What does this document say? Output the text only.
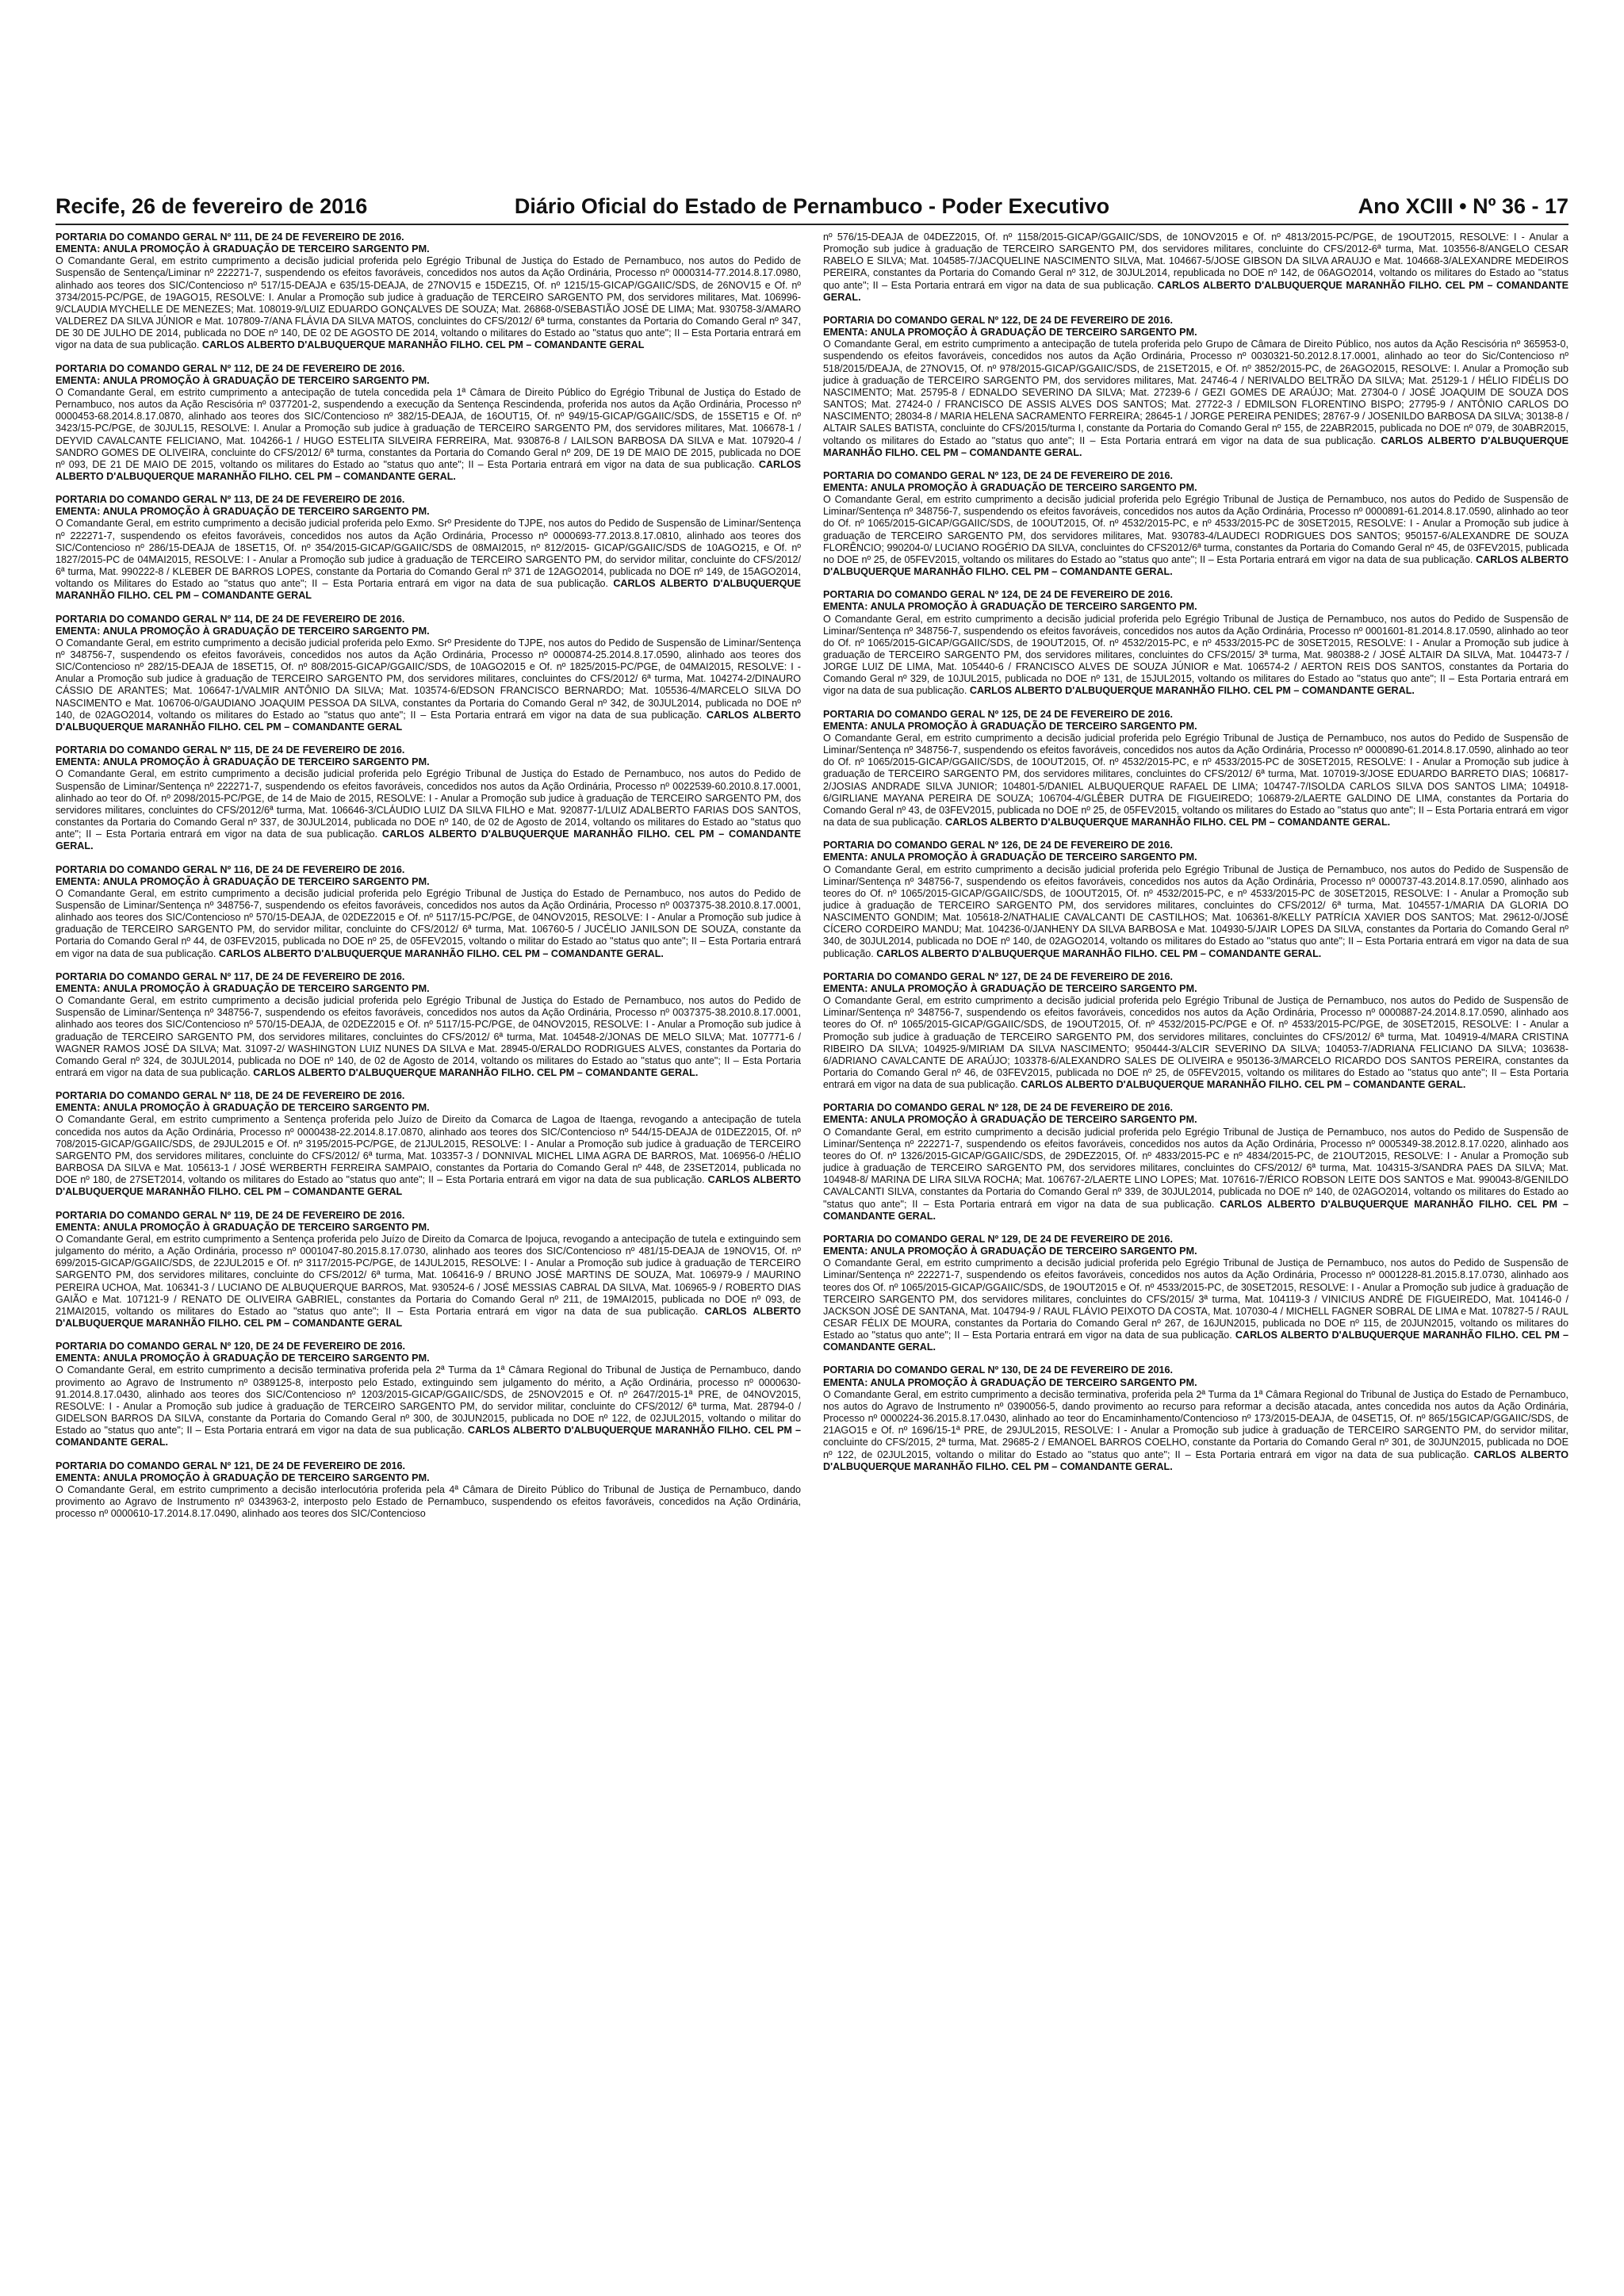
Recife, 26 de fevereiro de 2016	Diário Oficial do Estado de Pernambuco - Poder Executivo	Ano XCIII • Nº 36 - 17

PORTARIA DO COMANDO GERAL Nº 111, DE 24 DE FEVEREIRO DE 2016.

EMENTA: ANULA PROMOÇÃO À GRADUAÇÃO DE TERCEIRO SARGENTO PM.

O Comandante Geral, em estrito cumprimento a decisão judicial proferida pelo Egrégio Tribunal de Justiça do Estado de Pernambuco, nos autos do Pedido de Suspensão de Sentença/Liminar nº 222271-7, suspendendo os efeitos favoráveis, concedidos nos autos da Ação Ordinária, Processo nº 0000314-77.2014.8.17.0980, alinhado aos teores dos SIC/Contencioso nº 517/15-DEAJA e 635/15-DEAJA, de 27NOV15 e 15DEZ15, Of. nº 1215/15-GICAP/GGAIIC/SDS, de 26NOV15 e Of. nº 3734/2015-PC/PGE, de 19AGO15, RESOLVE: I. Anular a Promoção sub judice à graduação de TERCEIRO SARGENTO PM, dos servidores militares, Mat. 106996-9/CLAUDIA MYCHELLE DE MENEZES; Mat. 108019-9/LUIZ EDUARDO GONÇALVES DE SOUZA; Mat. 26868-0/SEBASTIÃO JOSÉ DE LIMA; Mat. 930758-3/AMARO VALDEREZ DA SILVA JÚNIOR e Mat. 107809-7/ANA FLÁVIA DA SILVA MATOS, concluintes do CFS/2012/ 6ª turma, constantes da Portaria do Comando Geral nº 347, DE 30 DE JULHO DE 2014, publicada no DOE nº 140, DE 02 DE AGOSTO DE 2014, voltando o militares do Estado ao "status quo ante"; II – Esta Portaria entrará em vigor na data de sua publicação. CARLOS ALBERTO D'ALBUQUERQUE MARANHÃO FILHO. CEL PM – COMANDANTE GERAL

PORTARIA DO COMANDO GERAL Nº 112, DE 24 DE FEVEREIRO DE 2016.

EMENTA: ANULA PROMOÇÃO À GRADUAÇÃO DE TERCEIRO SARGENTO PM.

O Comandante Geral, em estrito cumprimento a antecipação de tutela concedida pela 1ª Câmara de Direito Público do Egrégio Tribunal de Justiça do Estado de Pernambuco, nos autos da Ação Rescisória nº 0377201-2, suspendendo a execução da Sentença Rescindenda, proferida nos autos da Ação Ordinária, Processo nº 0000453-68.2014.8.17.0870, alinhado aos teores dos SIC/Contencioso nº 382/15-DEAJA, de 16OUT15, Of. nº 949/15-GICAP/GGAIIC/SDS, de 15SET15 e Of. nº 3423/15-PC/PGE, de 30JUL15, RESOLVE: I. Anular a Promoção sub judice à graduação de TERCEIRO SARGENTO PM, dos servidores militares, Mat. 106678-1 / DEYVID CAVALCANTE FELICIANO, Mat. 104266-1 / HUGO ESTELITA SILVEIRA FERREIRA, Mat. 930876-8 / LAILSON BARBOSA DA SILVA e Mat. 107920-4 / SANDRO GOMES DE OLIVEIRA, concluinte do CFS/2012/ 6ª turma, constantes da Portaria do Comando Geral nº 209, DE 19 DE MAIO DE 2015, publicada no DOE nº 093, DE 21 DE MAIO DE 2015, voltando os militares do Estado ao "status quo ante"; II – Esta Portaria entrará em vigor na data de sua publicação. CARLOS ALBERTO D'ALBUQUERQUE MARANHÃO FILHO. CEL PM – COMANDANTE GERAL.

PORTARIA DO COMANDO GERAL Nº 113, DE 24 DE FEVEREIRO DE 2016.

EMENTA: ANULA PROMOÇÃO À GRADUAÇÃO DE TERCEIRO SARGENTO PM.

O Comandante Geral, em estrito cumprimento a decisão judicial proferida pelo Exmo. Srº Presidente do TJPE, nos autos do Pedido de Suspensão de Liminar/Sentença nº 222271-7, suspendendo os efeitos favoráveis, concedidos nos autos da Ação Ordinária, Processo nº 0000693-77.2013.8.17.0810, alinhado aos teores dos SIC/Contencioso nº 286/15-DEAJA de 18SET15, Of. nº 354/2015-GICAP/GGAIIC/SDS de 08MAI2015, nº 812/2015- GICAP/GGAIIC/SDS de 10AGO215, e Of. nº 1827/2015-PC de 04MAI2015, RESOLVE: I - Anular a Promoção sub judice à graduação de TERCEIRO SARGENTO PM, do servidor militar, concluinte do CFS/2012/ 6ª turma, Mat. 990222-8 / KLEBER DE BARROS LOPES, constante da Portaria do Comando Geral nº 371 de 12AGO2014, publicada no DOE nº 149, de 15AGO2014, voltando os Militares do Estado ao "status quo ante"; II – Esta Portaria entrará em vigor na data de sua publicação. CARLOS ALBERTO D'ALBUQUERQUE MARANHÃO FILHO. CEL PM – COMANDANTE GERAL

PORTARIA DO COMANDO GERAL Nº 114, DE 24 DE FEVEREIRO DE 2016.

EMENTA: ANULA PROMOÇÃO À GRADUAÇÃO DE TERCEIRO SARGENTO PM.

O Comandante Geral, em estrito cumprimento a decisão judicial proferida pelo Exmo. Srº Presidente do TJPE, nos autos do Pedido de Suspensão de Liminar/Sentença nº 348756-7, suspendendo os efeitos favoráveis, concedidos nos autos da Ação Ordinária, Processo nº 0000874-25.2014.8.17.0590, alinhado aos teores dos SIC/Contencioso nº 282/15-DEAJA de 18SET15, Of. nº 808/2015-GICAP/GGAIIC/SDS, de 10AGO2015 e Of. nº 1825/2015-PC/PGE, de 04MAI2015, RESOLVE: I - Anular a Promoção sub judice à graduação de TERCEIRO SARGENTO PM, dos servidores militares, concluintes do CFS/2012/ 6ª turma, Mat. 104274-2/DINAURO CÁSSIO DE ARANTES; Mat. 106647-1/VALMIR ANTÔNIO DA SILVA; Mat. 103574-6/EDSON FRANCISCO BERNARDO; Mat. 105536-4/MARCELO SILVA DO NASCIMENTO e Mat. 106706-0/GAUDIANO JOAQUIM PESSOA DA SILVA, constantes da Portaria do Comando Geral nº 342, de 30JUL2014, publicada no DOE nº 140, de 02AGO2014, voltando os militares do Estado ao "status quo ante"; II – Esta Portaria entrará em vigor na data de sua publicação. CARLOS ALBERTO D'ALBUQUERQUE MARANHÃO FILHO. CEL PM – COMANDANTE GERAL

PORTARIA DO COMANDO GERAL Nº 115, DE 24 DE FEVEREIRO DE 2016.

EMENTA: ANULA PROMOÇÃO À GRADUAÇÃO DE TERCEIRO SARGENTO PM.

O Comandante Geral, em estrito cumprimento a decisão judicial proferida pelo Egrégio Tribunal de Justiça do Estado de Pernambuco, nos autos do Pedido de Suspensão de Liminar/Sentença nº 222271-7, suspendendo os efeitos favoráveis, concedidos nos autos da Ação Ordinária, Processo nº 0022539-60.2010.8.17.0001, alinhado ao teor do Of. nº 2098/2015-PC/PGE, de 14 de Maio de 2015, RESOLVE: I - Anular a Promoção sub judice à graduação de TERCEIRO SARGENTO PM, dos servidores militares, concluintes do CFS/2012/6ª turma, Mat. 106646-3/CLÁUDIO LUIZ DA SILVA FILHO e Mat. 920877-1/LUIZ ADALBERTO FARIAS DOS SANTOS, constantes da Portaria do Comando Geral nº 337, de 30JUL2014, publicada no DOE nº 140, de 02 de Agosto de 2014, voltando os militares do Estado ao "status quo ante"; II – Esta Portaria entrará em vigor na data de sua publicação. CARLOS ALBERTO D'ALBUQUERQUE MARANHÃO FILHO. CEL PM – COMANDANTE GERAL.

PORTARIA DO COMANDO GERAL Nº 116, DE 24 DE FEVEREIRO DE 2016.

EMENTA: ANULA PROMOÇÃO À GRADUAÇÃO DE TERCEIRO SARGENTO PM.

O Comandante Geral, em estrito cumprimento a decisão judicial proferida pelo Egrégio Tribunal de Justiça do Estado de Pernambuco, nos autos do Pedido de Suspensão de Liminar/Sentença nº 348756-7, suspendendo os efeitos favoráveis, concedidos nos autos da Ação Ordinária, Processo nº 0037375-38.2010.8.17.0001, alinhado aos teores dos SIC/Contencioso nº 570/15-DEAJA, de 02DEZ2015 e Of. nº 5117/15-PC/PGE, de 04NOV2015, RESOLVE: I - Anular a Promoção sub judice à graduação de TERCEIRO SARGENTO PM, do servidor militar, concluinte do CFS/2012/ 6ª turma, Mat. 106760-5 / JUCÉLIO JANILSON DE SOUZA, constante da Portaria do Comando Geral nº 44, de 03FEV2015, publicada no DOE nº 25, de 05FEV2015, voltando o militar do Estado ao "status quo ante"; II – Esta Portaria entrará em vigor na data de sua publicação. CARLOS ALBERTO D'ALBUQUERQUE MARANHÃO FILHO. CEL PM – COMANDANTE GERAL.

PORTARIA DO COMANDO GERAL Nº 117, DE 24 DE FEVEREIRO DE 2016.

EMENTA: ANULA PROMOÇÃO À GRADUAÇÃO DE TERCEIRO SARGENTO PM.

O Comandante Geral, em estrito cumprimento a decisão judicial proferida pelo Egrégio Tribunal de Justiça do Estado de Pernambuco, nos autos do Pedido de Suspensão de Liminar/Sentença nº 348756-7, suspendendo os efeitos favoráveis, concedidos nos autos da Ação Ordinária, Processo nº 0037375-38.2010.8.17.0001, alinhado aos teores dos SIC/Contencioso nº 570/15-DEAJA, de 02DEZ2015 e Of. nº 5117/15-PC/PGE, de 04NOV2015, RESOLVE: I - Anular a Promoção sub judice à graduação de TERCEIRO SARGENTO PM, dos servidores militares, concluintes do CFS/2012/ 6ª turma, Mat. 104548-2/JONAS DE MELO SILVA; Mat. 107771-6 / WAGNER RAMOS JOSÉ DA SILVA; Mat. 31097-2/ WASHINGTON LUIZ NUNES DA SILVA e Mat. 28945-0/ERALDO RODRIGUES ALVES, constantes da Portaria do Comando Geral nº 324, de 30JUL2014, publicada no DOE nº 140, de 02 de Agosto de 2014, voltando os militares do Estado ao "status quo ante"; II – Esta Portaria entrará em vigor na data de sua publicação. CARLOS ALBERTO D'ALBUQUERQUE MARANHÃO FILHO. CEL PM – COMANDANTE GERAL.

PORTARIA DO COMANDO GERAL Nº 118, DE 24 DE FEVEREIRO DE 2016.

EMENTA: ANULA PROMOÇÃO À GRADUAÇÃO DE TERCEIRO SARGENTO PM.

O Comandante Geral, em estrito cumprimento a Sentença proferida pelo Juízo de Direito da Comarca de Lagoa de Itaenga, revogando a antecipação de tutela concedida nos autos da Ação Ordinária, Processo nº 0000438-22.2014.8.17.0870, alinhado aos teores dos SIC/Contencioso nº 544/15-DEAJA de 01DEZ2015, Of. nº 708/2015-GICAP/GGAIIC/SDS, de 29JUL2015 e Of. nº 3195/2015-PC/PGE, de 21JUL2015, RESOLVE: I - Anular a Promoção sub judice à graduação de TERCEIRO SARGENTO PM, dos servidores militares, concluinte do CFS/2012/ 6ª turma, Mat. 103357-3 / DONNIVAL MICHEL LIMA AGRA DE BARROS, Mat. 106956-0 /HÉLIO BARBOSA DA SILVA e Mat. 105613-1 / JOSÉ WERBERTH FERREIRA SAMPAIO, constantes da Portaria do Comando Geral nº 448, de 23SET2014, publicada no DOE nº 180, de 27SET2014, voltando os militares do Estado ao "status quo ante"; II – Esta Portaria entrará em vigor na data de sua publicação. CARLOS ALBERTO D'ALBUQUERQUE MARANHÃO FILHO. CEL PM – COMANDANTE GERAL

PORTARIA DO COMANDO GERAL Nº 119, DE 24 DE FEVEREIRO DE 2016.

EMENTA: ANULA PROMOÇÃO À GRADUAÇÃO DE TERCEIRO SARGENTO PM.

O Comandante Geral, em estrito cumprimento a Sentença proferida pelo Juízo de Direito da Comarca de Ipojuca, revogando a antecipação de tutela e extinguindo sem julgamento do mérito, a Ação Ordinária, processo nº 0001047-80.2015.8.17.0730, alinhado aos teores dos SIC/Contencioso nº 481/15-DEAJA de 19NOV15, Of. nº 699/2015-GICAP/GGAIIC/SDS, de 22JUL2015 e Of. nº 3117/2015-PC/PGE, de 14JUL2015, RESOLVE: I - Anular a Promoção sub judice à graduação de TERCEIRO SARGENTO PM, dos servidores militares, concluinte do CFS/2012/ 6ª turma, Mat. 106416-9 / BRUNO JOSÉ MARTINS DE SOUZA, Mat. 106979-9 / MAURINO PEREIRA UCHOA, Mat. 106341-3 / LUCIANO DE ALBUQUERQUE BARROS, Mat. 930524-6 / JOSÉ MESSIAS CABRAL DA SILVA, Mat. 106965-9 / ROBERTO DIAS GAIÃO e Mat. 107121-9 / RENATO DE OLIVEIRA GABRIEL, constantes da Portaria do Comando Geral nº 211, de 19MAI2015, publicada no DOE nº 093, de 21MAI2015, voltando os militares do Estado ao "status quo ante"; II – Esta Portaria entrará em vigor na data de sua publicação. CARLOS ALBERTO D'ALBUQUERQUE MARANHÃO FILHO. CEL PM – COMANDANTE GERAL

PORTARIA DO COMANDO GERAL Nº 120, DE 24 DE FEVEREIRO DE 2016.

EMENTA: ANULA PROMOÇÃO À GRADUAÇÃO DE TERCEIRO SARGENTO PM.

O Comandante Geral, em estrito cumprimento a decisão terminativa proferida pela 2ª Turma da 1ª Câmara Regional do Tribunal de Justiça de Pernambuco, dando provimento ao Agravo de Instrumento nº 0389125-8, interposto pelo Estado, extinguindo sem julgamento do mérito, a Ação Ordinária, processo nº 0000630-91.2014.8.17.0430, alinhado aos teores dos SIC/Contencioso nº 1203/2015-GICAP/GGAIIC/SDS, de 25NOV2015 e Of. nº 2647/2015-1ª PRE, de 04NOV2015, RESOLVE: I - Anular a Promoção sub judice à graduação de TERCEIRO SARGENTO PM, do servidor militar, concluinte do CFS/2012/ 6ª turma, Mat. 28794-0 / GIDELSON BARROS DA SILVA, constante da Portaria do Comando Geral nº 300, de 30JUN2015, publicada no DOE nº 122, de 02JUL2015, voltando o militar do Estado ao "status quo ante"; II – Esta Portaria entrará em vigor na data de sua publicação. CARLOS ALBERTO D'ALBUQUERQUE MARANHÃO FILHO. CEL PM – COMANDANTE GERAL.

PORTARIA DO COMANDO GERAL Nº 121, DE 24 DE FEVEREIRO DE 2016.

EMENTA: ANULA PROMOÇÃO À GRADUAÇÃO DE TERCEIRO SARGENTO PM.

O Comandante Geral, em estrito cumprimento a decisão interlocutória proferida pela 4ª Câmara de Direito Público do Tribunal de Justiça de Pernambuco, dando provimento ao Agravo de Instrumento nº 0343963-2, interposto pelo Estado de Pernambuco, suspendendo os efeitos favoráveis, concedidos na Ação Ordinária, processo nº 0000610-17.2014.8.17.0490, alinhado aos teores dos SIC/Contencioso

nº 576/15-DEAJA de 04DEZ2015, Of. nº 1158/2015-GICAP/GGAIIC/SDS, de 10NOV2015 e Of. nº 4813/2015-PC/PGE, de 19OUT2015, RESOLVE: I - Anular a Promoção sub judice à graduação de TERCEIRO SARGENTO PM, dos servidores militares, concluinte do CFS/2012-6ª turma, Mat. 103556-8/ANGELO CESAR RABELO E SILVA; Mat. 104585-7/JACQUELINE NASCIMENTO SILVA, Mat. 104667-5/JOSE GIBSON DA SILVA ARAUJO e Mat. 104668-3/ALEXANDRE MEDEIROS PEREIRA, constantes da Portaria do Comando Geral nº 312, de 30JUL2014, republicada no DOE nº 142, de 06AGO2014, voltando os militares do Estado ao "status quo ante"; II – Esta Portaria entrará em vigor na data de sua publicação. CARLOS ALBERTO D'ALBUQUERQUE MARANHÃO FILHO. CEL PM – COMANDANTE GERAL.

PORTARIA DO COMANDO GERAL Nº 122, DE 24 DE FEVEREIRO DE 2016.

EMENTA: ANULA PROMOÇÃO À GRADUAÇÃO DE TERCEIRO SARGENTO PM.

O Comandante Geral, em estrito cumprimento a antecipação de tutela proferida pelo Grupo de Câmara de Direito Público, nos autos da Ação Rescisória nº 365953-0, suspendendo os efeitos favoráveis, concedidos nos autos da Ação Ordinária, Processo nº 0030321-50.2012.8.17.0001, alinhado ao teor do Sic/Contencioso nº 518/2015/DEAJA, de 27NOV15, Of. nº 978/2015-GICAP/GGAIIC/SDS, de 21SET2015, e Of. nº 3852/2015-PC, de 26AGO2015, RESOLVE: I. Anular a Promoção sub judice à graduação de TERCEIRO SARGENTO PM, dos servidores militares, Mat. 24746-4 / NERIVALDO BELTRÃO DA SILVA; Mat. 25129-1 / HÉLIO FIDÉLIS DO NASCIMENTO; Mat. 25795-8 / EDNALDO SEVERINO DA SILVA; Mat. 27239-6 / GEZI GOMES DE ARAÚJO; Mat. 27304-0 / JOSÉ JOAQUIM DE SOUZA DOS SANTOS; Mat. 27424-0 / FRANCISCO DE ASSIS ALVES DOS SANTOS; Mat. 27722-3 / EDMILSON FLORENTINO BISPO; 27795-9 / ANTÔNIO CARLOS DO NASCIMENTO; 28034-8 / MARIA HELENA SACRAMENTO FERREIRA; 28645-1 / JORGE PEREIRA PENIDES; 28767-9 / JOSENILDO BARBOSA DA SILVA; 30138-8 / ALTAIR SALES BATISTA, concluinte do CFS/2015/turma I, constante da Portaria do Comando Geral nº 155, de 22ABR2015, publicada no DOE nº 079, de 30ABR2015, voltando os militares do Estado ao "status quo ante"; II – Esta Portaria entrará em vigor na data de sua publicação. CARLOS ALBERTO D'ALBUQUERQUE MARANHÃO FILHO. CEL PM – COMANDANTE GERAL.

PORTARIA DO COMANDO GERAL Nº 123, DE 24 DE FEVEREIRO DE 2016.

EMENTA: ANULA PROMOÇÃO À GRADUAÇÃO DE TERCEIRO SARGENTO PM.

O Comandante Geral, em estrito cumprimento a decisão judicial proferida pelo Egrégio Tribunal de Justiça de Pernambuco, nos autos do Pedido de Suspensão de Liminar/Sentença nº 348756-7, suspendendo os efeitos favoráveis, concedidos nos autos da Ação Ordinária, Processo nº 0000891-61.2014.8.17.0590, alinhado ao teor do Of. nº 1065/2015-GICAP/GGAIIC/SDS, de 10OUT2015, Of. nº 4532/2015-PC, e nº 4533/2015-PC de 30SET2015, RESOLVE: I - Anular a Promoção sub judice à graduação de TERCEIRO SARGENTO PM, dos servidores militares, Mat. 930783-4/LAUDECI RODRIGUES DOS SANTOS; 950157-6/ALEXANDRE DE SOUZA FLORÊNCIO; 990204-0/ LUCIANO ROGÉRIO DA SILVA, concluintes do CFS2012/6ª turma, constantes da Portaria do Comando Geral nº 45, de 03FEV2015, publicada no DOE nº 25, de 05FEV2015, voltando os militares do Estado ao "status quo ante"; II – Esta Portaria entrará em vigor na data de sua publicação. CARLOS ALBERTO D'ALBUQUERQUE MARANHÃO FILHO. CEL PM – COMANDANTE GERAL.

PORTARIA DO COMANDO GERAL Nº 124, DE 24 DE FEVEREIRO DE 2016.

EMENTA: ANULA PROMOÇÃO À GRADUAÇÃO DE TERCEIRO SARGENTO PM.

O Comandante Geral, em estrito cumprimento a decisão judicial proferida pelo Egrégio Tribunal de Justiça de Pernambuco, nos autos do Pedido de Suspensão de Liminar/Sentença nº 348756-7, suspendendo os efeitos favoráveis, concedidos nos autos da Ação Ordinária, Processo nº 0001601-81.2014.8.17.0590, alinhado ao teor do Of. nº 1065/2015-GICAP/GGAIIC/SDS, de 19OUT2015, Of. nº 4532/2015-PC, e nº 4533/2015-PC de 30SET2015, RESOLVE: I - Anular a Promoção sub judice à graduação de TERCEIRO SARGENTO PM, dos servidores militares, concluintes do CFS/2015/ 3ª turma, Mat. 980388-2 / JOSÉ ALTAIR DA SILVA, Mat. 104473-7 / JORGE LUIZ DE LIMA, Mat. 105440-6 / FRANCISCO ALVES DE SOUZA JÚNIOR e Mat. 106574-2 / AERTON REIS DOS SANTOS, constantes da Portaria do Comando Geral nº 329, de 10JUL2015, publicada no DOE nº 131, de 15JUL2015, voltando os militares do Estado ao "status quo ante"; II – Esta Portaria entrará em vigor na data de sua publicação. CARLOS ALBERTO D'ALBUQUERQUE MARANHÃO FILHO. CEL PM – COMANDANTE GERAL.

PORTARIA DO COMANDO GERAL Nº 125, DE 24 DE FEVEREIRO DE 2016.

EMENTA: ANULA PROMOÇÃO À GRADUAÇÃO DE TERCEIRO SARGENTO PM.

O Comandante Geral, em estrito cumprimento a decisão judicial proferida pelo Egrégio Tribunal de Justiça de Pernambuco, nos autos do Pedido de Suspensão de Liminar/Sentença nº 348756-7, suspendendo os efeitos favoráveis, concedidos nos autos da Ação Ordinária, Processo nº 0000890-61.2014.8.17.0590, alinhado ao teor do Of. nº 1065/2015-GICAP/GGAIIC/SDS, de 10OUT2015, Of. nº 4532/2015-PC, e nº 4533/2015-PC de 30SET2015, RESOLVE: I - Anular a Promoção sub judice à graduação de TERCEIRO SARGENTO PM, dos servidores militares, concluintes do CFS/2012/ 6ª turma, Mat. 107019-3/JOSE EDUARDO BARRETO DIAS; 106817-2/JOSIAS ANDRADE SILVA JUNIOR; 104801-5/DANIEL ALBUQUERQUE RAFAEL DE LIMA; 104747-7/ISOLDA CARLOS SILVA DOS SANTOS LIMA; 104918-6/GIRLIANE MAYANA PEREIRA DE SOUZA; 106704-4/GLÊBER DUTRA DE FIGUEIREDO; 106879-2/LAERTE GALDINO DE LIMA, constantes da Portaria do Comando Geral nº 43, de 03FEV2015, publicada no DOE nº 25, de 05FEV2015, voltando os militares do Estado ao "status quo ante"; II – Esta Portaria entrará em vigor na data de sua publicação. CARLOS ALBERTO D'ALBUQUERQUE MARANHÃO FILHO. CEL PM – COMANDANTE GERAL.

PORTARIA DO COMANDO GERAL Nº 126, DE 24 DE FEVEREIRO DE 2016.

EMENTA: ANULA PROMOÇÃO À GRADUAÇÃO DE TERCEIRO SARGENTO PM.

O Comandante Geral, em estrito cumprimento a decisão judicial proferida pelo Egrégio Tribunal de Justiça de Pernambuco, nos autos do Pedido de Suspensão de Liminar/Sentença nº 348756-7, suspendendo os efeitos favoráveis, concedidos nos autos da Ação Ordinária, Processo nº 0000737-43.2014.8.17.0590, alinhado aos teores do Of. nº 1065/2015-GICAP/GGAIIC/SDS, de 10OUT2015, Of. nº 4532/2015-PC, e nº 4533/2015-PC de 30SET2015, RESOLVE: I - Anular a Promoção sub judice à graduação de TERCEIRO SARGENTO PM, dos servidores militares, concluintes do CFS/2012/ 6ª turma, Mat. 104557-1/MARIA DA GLORIA DO NASCIMENTO GONDIM; Mat. 105618-2/NATHALIE CAVALCANTI DE CASTILHOS; Mat. 106361-8/KELLY PATRÍCIA XAVIER DOS SANTOS; Mat. 29612-0/JOSÉ CÍCERO CORDEIRO MANDU; Mat. 104236-0/JANHENY DA SILVA BARBOSA e Mat. 104930-5/JAIR LOPES DA SILVA, constantes da Portaria do Comando Geral nº 340, de 30JUL2014, publicada no DOE nº 140, de 02AGO2014, voltando os militares do Estado ao "status quo ante"; II – Esta Portaria entrará em vigor na data de sua publicação. CARLOS ALBERTO D'ALBUQUERQUE MARANHÃO FILHO. CEL PM – COMANDANTE GERAL.

PORTARIA DO COMANDO GERAL Nº 127, DE 24 DE FEVEREIRO DE 2016.

EMENTA: ANULA PROMOÇÃO À GRADUAÇÃO DE TERCEIRO SARGENTO PM.

O Comandante Geral, em estrito cumprimento a decisão judicial proferida pelo Egrégio Tribunal de Justiça de Pernambuco, nos autos do Pedido de Suspensão de Liminar/Sentença nº 348756-7, suspendendo os efeitos favoráveis, concedidos nos autos da Ação Ordinária, Processo nº 0000887-24.2014.8.17.0590, alinhado aos teores do Of. nº 1065/2015-GICAP/GGAIIC/SDS, de 19OUT2015, Of. nº 4532/2015-PC/PGE e Of. nº 4533/2015-PC/PGE, de 30SET2015, RESOLVE: I - Anular a Promoção sub judice à graduação de TERCEIRO SARGENTO PM, dos servidores militares, concluintes do CFS/2012/ 6ª turma, Mat. 104919-4/MARA CRISTINA RIBEIRO DA SILVA; 104925-9/MIRIAM DA SILVA NASCIMENTO; 950444-3/ALCIR SEVERINO DA SILVA; 104053-7/ADRIANA FELICIANO DA SILVA; 103638-6/ADRIANO CAVALCANTE DE ARAÚJO; 103378-6/ALEXANDRO SALES DE OLIVEIRA e 950136-3/MARCELO RICARDO DOS SANTOS PEREIRA, constantes da Portaria do Comando Geral nº 46, de 03FEV2015, publicada no DOE nº 25, de 05FEV2015, voltando os militares do Estado ao "status quo ante"; II – Esta Portaria entrará em vigor na data de sua publicação. CARLOS ALBERTO D'ALBUQUERQUE MARANHÃO FILHO. CEL PM – COMANDANTE GERAL.

PORTARIA DO COMANDO GERAL Nº 128, DE 24 DE FEVEREIRO DE 2016.

EMENTA: ANULA PROMOÇÃO À GRADUAÇÃO DE TERCEIRO SARGENTO PM.

O Comandante Geral, em estrito cumprimento a decisão judicial proferida pelo Egrégio Tribunal de Justiça de Pernambuco, nos autos do Pedido de Suspensão de Liminar/Sentença nº 222271-7, suspendendo os efeitos favoráveis, concedidos nos autos da Ação Ordinária, Processo nº 0005349-38.2012.8.17.0220, alinhado aos teores do Of. nº 1326/2015-GICAP/GGAIIC/SDS, de 29DEZ2015, Of. nº 4833/2015-PC e nº 4834/2015-PC, de 21OUT2015, RESOLVE: I - Anular a Promoção sub judice à graduação de TERCEIRO SARGENTO PM, dos servidores militares, concluintes do CFS/2012/ 6ª turma, Mat. 104315-3/SANDRA PAES DA SILVA; Mat. 104948-8/ MARINA DE LIRA SILVA ROCHA; Mat. 106767-2/LAERTE LINO LOPES; Mat. 107616-7/ÉRICO ROBSON LEITE DOS SANTOS e Mat. 990043-8/GENILDO CAVALCANTI SILVA, constantes da Portaria do Comando Geral nº 339, de 30JUL2014, publicada no DOE nº 140, de 02AGO2014, voltando os militares do Estado ao "status quo ante"; II – Esta Portaria entrará em vigor na data de sua publicação. CARLOS ALBERTO D'ALBUQUERQUE MARANHÃO FILHO. CEL PM – COMANDANTE GERAL.

PORTARIA DO COMANDO GERAL Nº 129, DE 24 DE FEVEREIRO DE 2016.

EMENTA: ANULA PROMOÇÃO À GRADUAÇÃO DE TERCEIRO SARGENTO PM.

O Comandante Geral, em estrito cumprimento a decisão judicial proferida pelo Egrégio Tribunal de Justiça de Pernambuco, nos autos do Pedido de Suspensão de Liminar/Sentença nº 222271-7, suspendendo os efeitos favoráveis, concedidos nos autos da Ação Ordinária, Processo nº 0001228-81.2015.8.17.0730, alinhado aos teores dos Of. nº 1065/2015-GICAP/GGAIIC/SDS, de 19OUT2015 e Of. nº 4533/2015-PC, de 30SET2015, RESOLVE: I - Anular a Promoção sub judice à graduação de TERCEIRO SARGENTO PM, dos servidores militares, concluintes do CFS/2015/ 3ª turma, Mat. 104119-3 / VINICIUS ANDRÉ DE FIGUEIREDO, Mat. 104146-0 / JACKSON JOSÉ DE SANTANA, Mat. 104794-9 / RAUL FLÁVIO PEIXOTO DA COSTA, Mat. 107030-4 / MICHELL FAGNER SOBRAL DE LIMA e Mat. 107827-5 / RAUL CESAR FÉLIX DE MOURA, constantes da Portaria do Comando Geral nº 267, de 16JUN2015, publicada no DOE nº 115, de 20JUN2015, voltando os militares do Estado ao "status quo ante"; II – Esta Portaria entrará em vigor na data de sua publicação. CARLOS ALBERTO D'ALBUQUERQUE MARANHÃO FILHO. CEL PM – COMANDANTE GERAL.

PORTARIA DO COMANDO GERAL Nº 130, DE 24 DE FEVEREIRO DE 2016.

EMENTA: ANULA PROMOÇÃO À GRADUAÇÃO DE TERCEIRO SARGENTO PM.

O Comandante Geral, em estrito cumprimento a decisão terminativa, proferida pela 2ª Turma da 1ª Câmara Regional do Tribunal de Justiça do Estado de Pernambuco, nos autos do Agravo de Instrumento nº 0390056-5, dando provimento ao recurso para reformar a decisão atacada, antes concedida nos autos da Ação Ordinária, Processo nº 0000224-36.2015.8.17.0430, alinhado ao teor do Encaminhamento/Contencioso nº 173/2015-DEAJA, de 04SET15, Of. nº 865/15GICAP/GGAIIC/SDS, de 21AGO15 e Of. nº 1696/15-1ª PRE, de 29JUL2015, RESOLVE: I - Anular a Promoção sub judice à graduação de TERCEIRO SARGENTO PM, do servidor militar, concluinte do CFS/2015, 2ª turma, Mat. 29685-2 / EMANOEL BARROS COELHO, constante da Portaria do Comando Geral nº 301, de 30JUN2015, publicada no DOE nº 122, de 02JUL2015, voltando o militar do Estado ao "status quo ante"; II – Esta Portaria entrará em vigor na data de sua publicação. CARLOS ALBERTO D'ALBUQUERQUE MARANHÃO FILHO. CEL PM – COMANDANTE GERAL.
